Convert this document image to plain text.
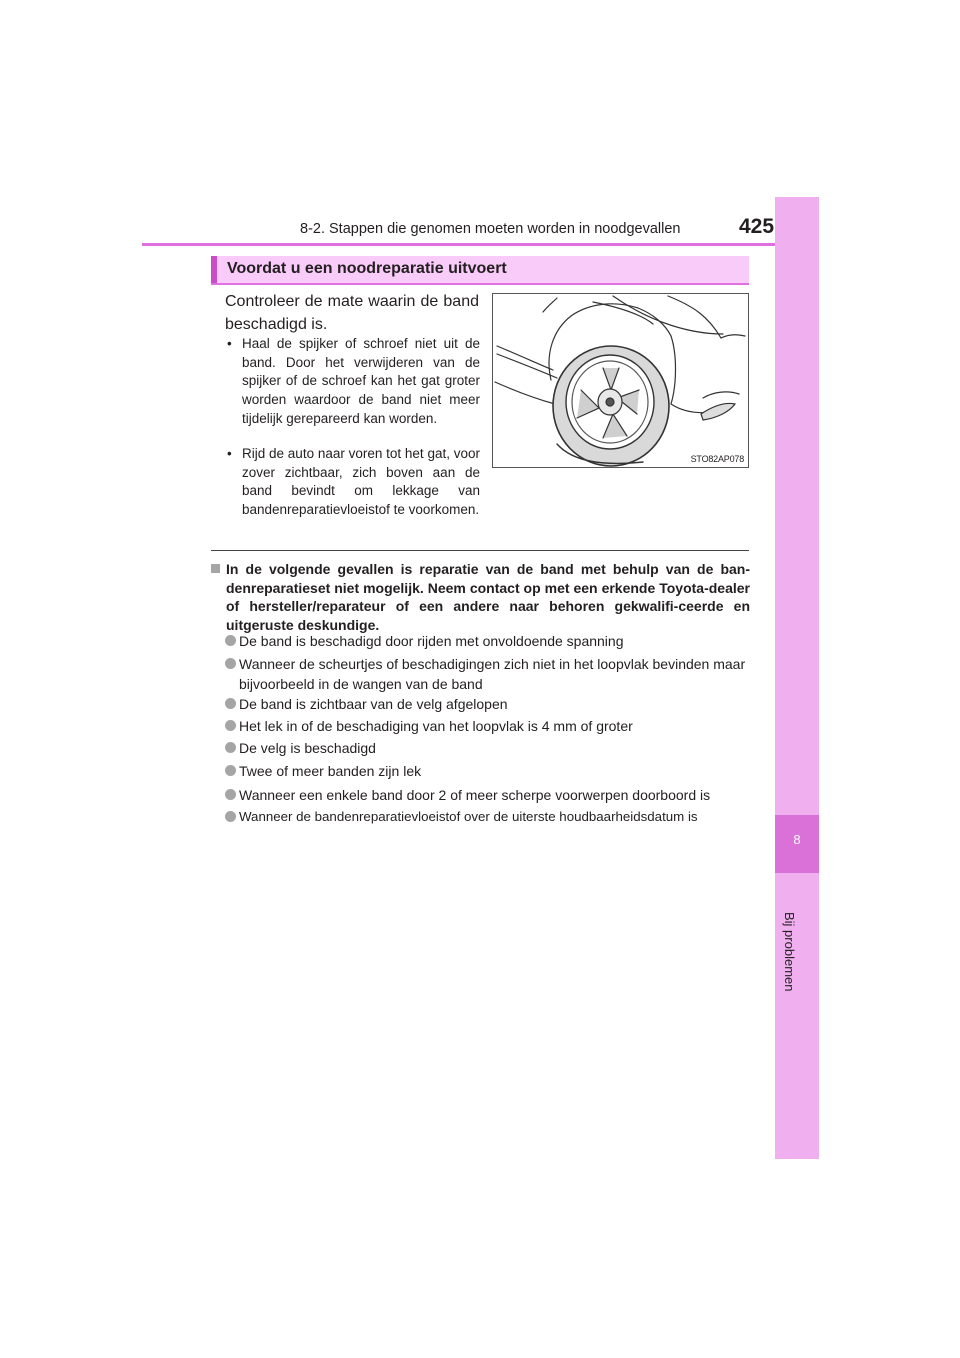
8-2. Stappen die genomen moeten worden in noodgevallen	425
8
Bij problemen
Voordat u een noodreparatie uitvoert
Controleer de mate waarin de band beschadigd is.
• Haal de spijker of schroef niet uit de band. Door het verwijderen van de spijker of de schroef kan het gat groter worden waardoor de band niet meer tijdelijk gerepareerd kan worden.
• Rijd de auto naar voren tot het gat, voor zover zichtbaar, zich boven aan de band bevindt om lekkage van bandenreparatievloeistof te voorkomen.
STO82AP078
In de volgende gevallen is reparatie van de band met behulp van de ban-denreparatieset niet mogelijk. Neem contact op met een erkende Toyota-dealer of hersteller/reparateur of een andere naar behoren gekwalifi-ceerde en uitgeruste deskundige.
De band is beschadigd door rijden met onvoldoende spanning
Wanneer de scheurtjes of beschadigingen zich niet in het loopvlak bevinden maar bijvoorbeeld in de wangen van de band
De band is zichtbaar van de velg afgelopen
Het lek in of de beschadiging van het loopvlak is 4 mm of groter
De velg is beschadigd
Twee of meer banden zijn lek
Wanneer een enkele band door 2 of meer scherpe voorwerpen doorboord is
Wanneer de bandenreparatievloeistof over de uiterste houdbaarheidsdatum is
